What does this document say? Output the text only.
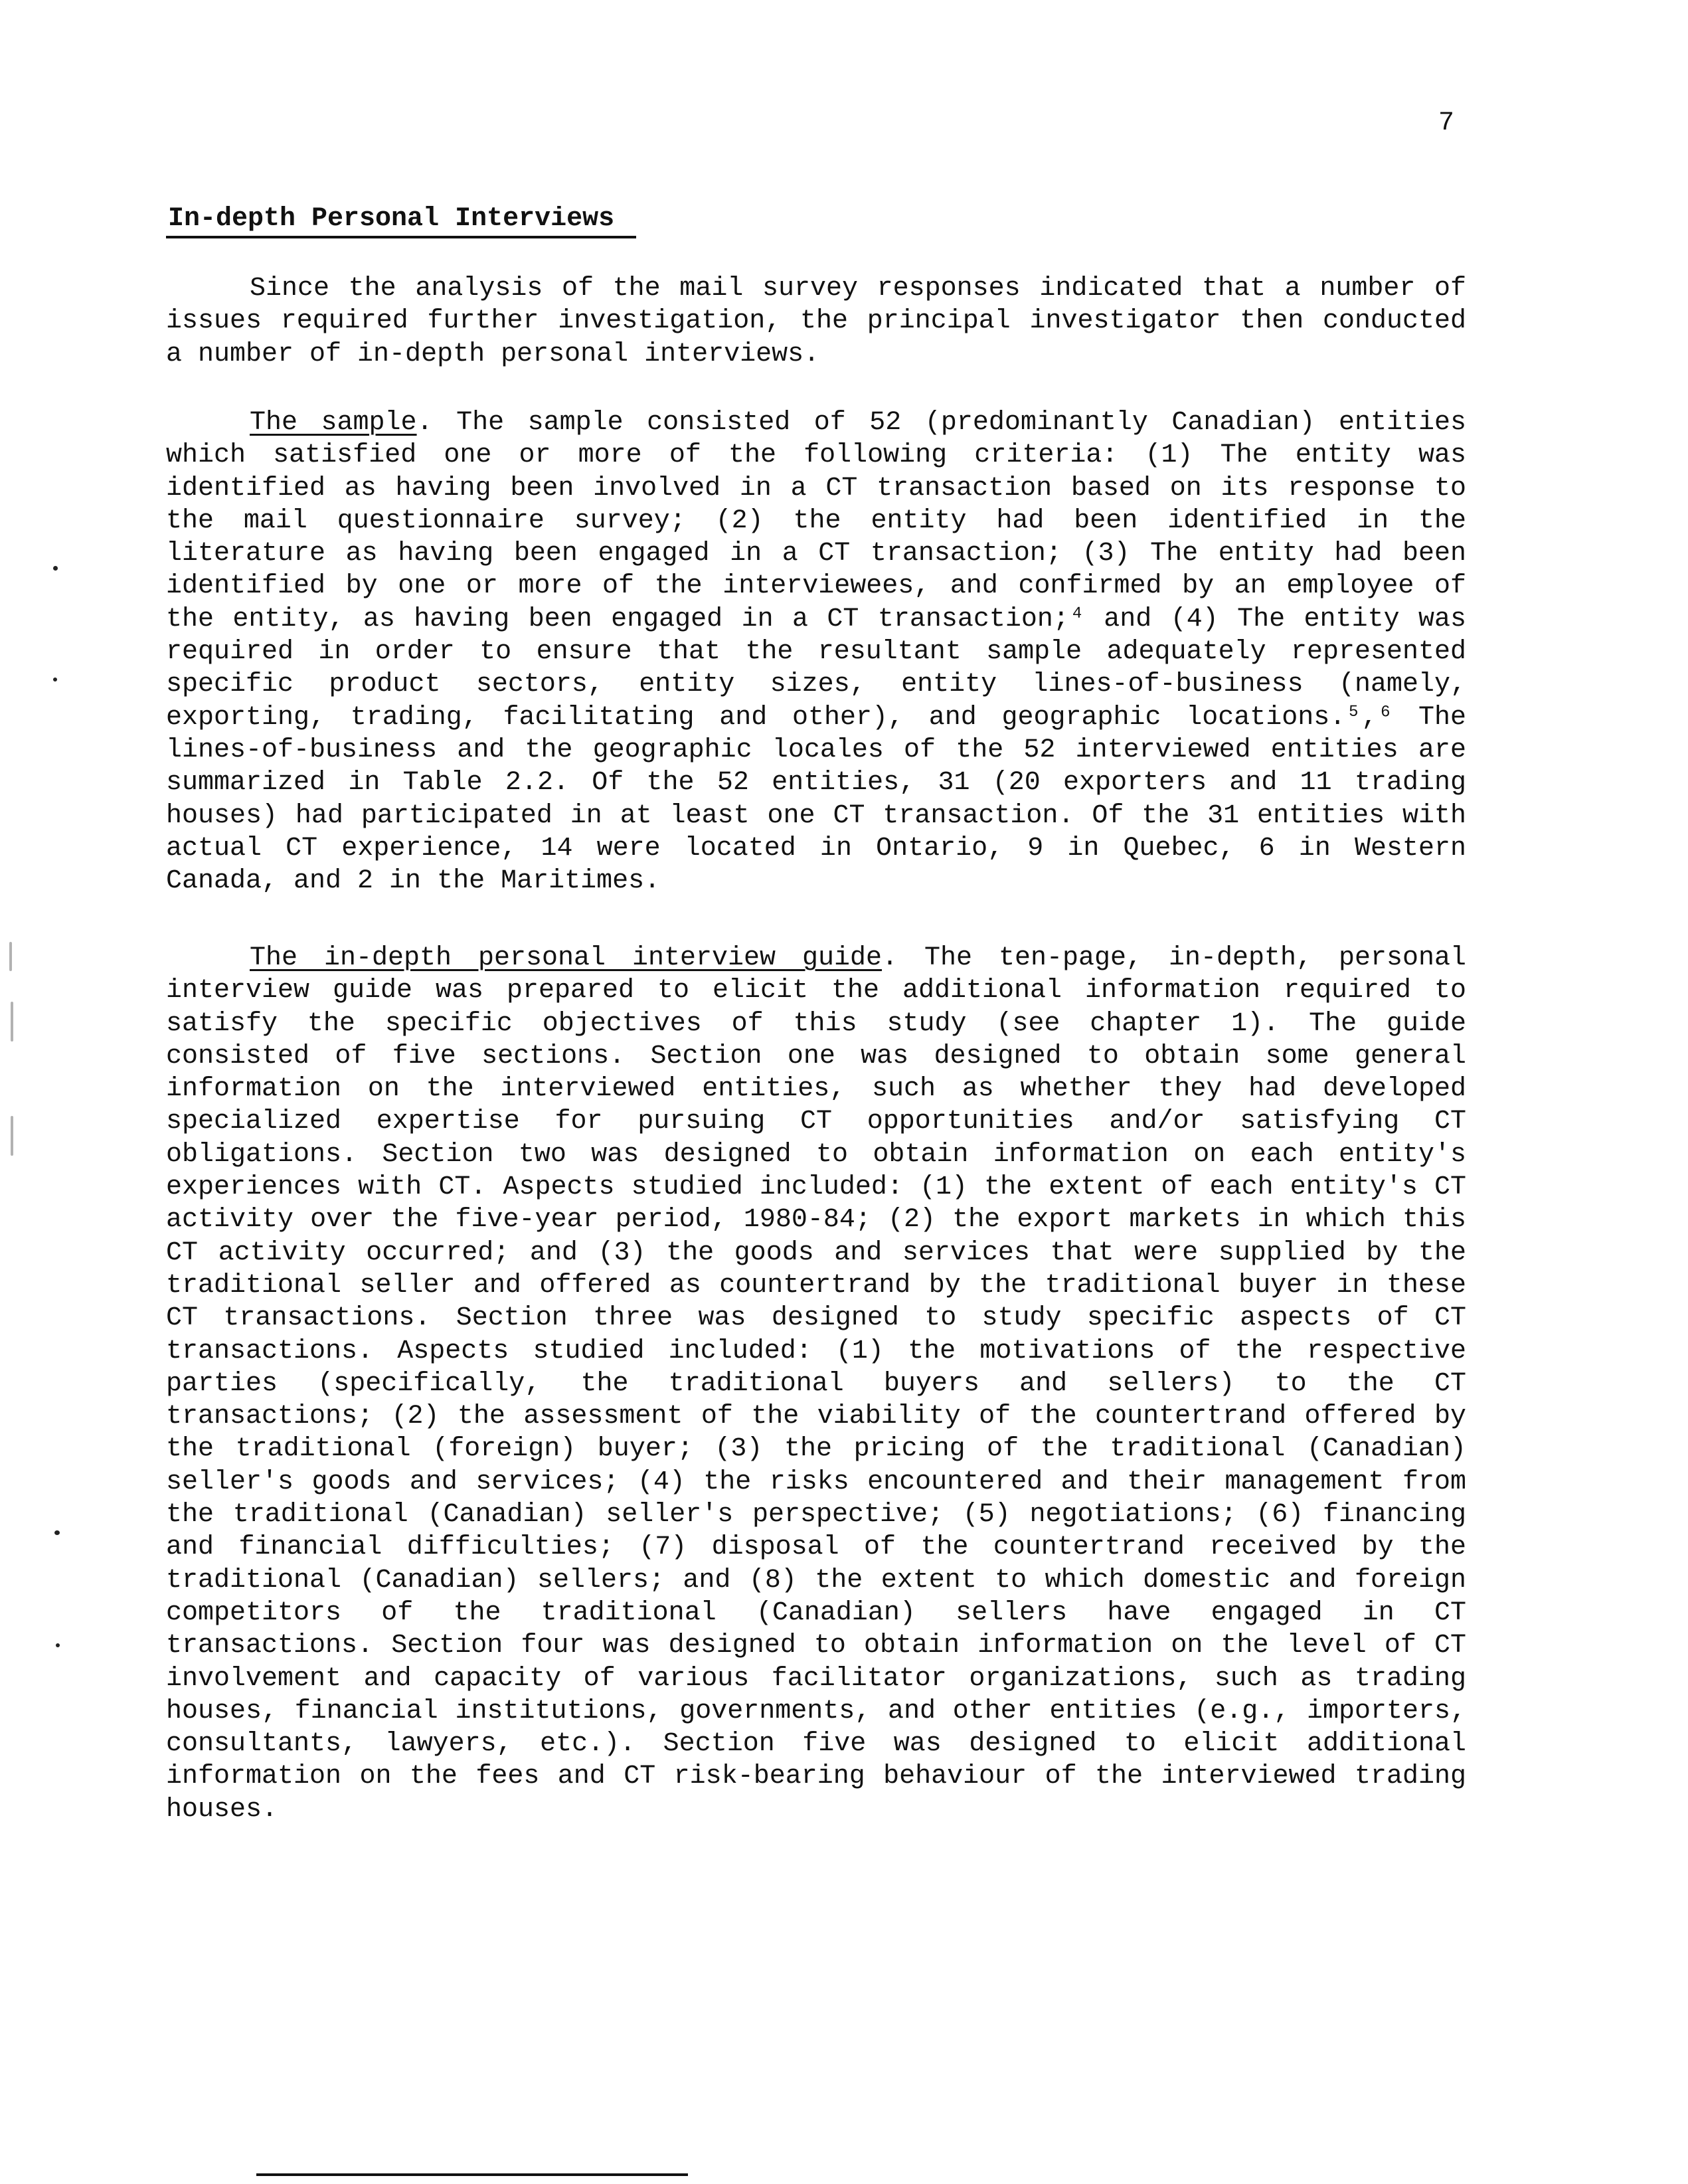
7
In-depth Personal Interviews

Since the analysis of the mail survey responses indicated that a number of issues required further investigation, the principal investigator then conducted a number of in-depth personal interviews.

The sample. The sample consisted of 52 (predominantly Canadian) entities which satisfied one or more of the following criteria: (1) The entity was identified as having been involved in a CT transaction based on its response to the mail questionnaire survey; (2) the entity had been identified in the literature as having been engaged in a CT transaction; (3) The entity had been identified by one or more of the interviewees, and confirmed by an employee of the entity, as having been engaged in a CT transaction;⁴ and (4) The entity was required in order to ensure that the resultant sample adequately represented specific product sectors, entity sizes, entity lines-of-business (namely, exporting, trading, facilitating and other), and geographic locations.⁵,⁶ The lines-of-business and the geographic locales of the 52 interviewed entities are summarized in Table 2.2. Of the 52 entities, 31 (20 exporters and 11 trading houses) had participated in at least one CT transaction. Of the 31 entities with actual CT experience, 14 were located in Ontario, 9 in Quebec, 6 in Western Canada, and 2 in the Maritimes.

The in-depth personal interview guide. The ten-page, in-depth, personal interview guide was prepared to elicit the additional information required to satisfy the specific objectives of this study (see chapter 1). The guide consisted of five sections. Section one was designed to obtain some general information on the interviewed entities, such as whether they had developed specialized expertise for pursuing CT opportunities and/or satisfying CT obligations. Section two was designed to obtain information on each entity's experiences with CT. Aspects studied included: (1) the extent of each entity's CT activity over the five-year period, 1980-84; (2) the export markets in which this CT activity occurred; and (3) the goods and services that were supplied by the traditional seller and offered as countertrand by the traditional buyer in these CT transactions. Section three was designed to study specific aspects of CT transactions. Aspects studied included: (1) the motivations of the respective parties (specifically, the traditional buyers and sellers) to the CT transactions; (2) the assessment of the viability of the countertrand offered by the traditional (foreign) buyer; (3) the pricing of the traditional (Canadian) seller's goods and services; (4) the risks encountered and their management from the traditional (Canadian) seller's perspective; (5) negotiations; (6) financing and financial difficulties; (7) disposal of the countertrand received by the traditional (Canadian) sellers; and (8) the extent to which domestic and foreign competitors of the traditional (Canadian) sellers have engaged in CT transactions. Section four was designed to obtain information on the level of CT involvement and capacity of various facilitator organizations, such as trading houses, financial institutions, governments, and other entities (e.g., importers, consultants, lawyers, etc.). Section five was designed to elicit additional information on the fees and CT risk-bearing behaviour of the interviewed trading houses.
